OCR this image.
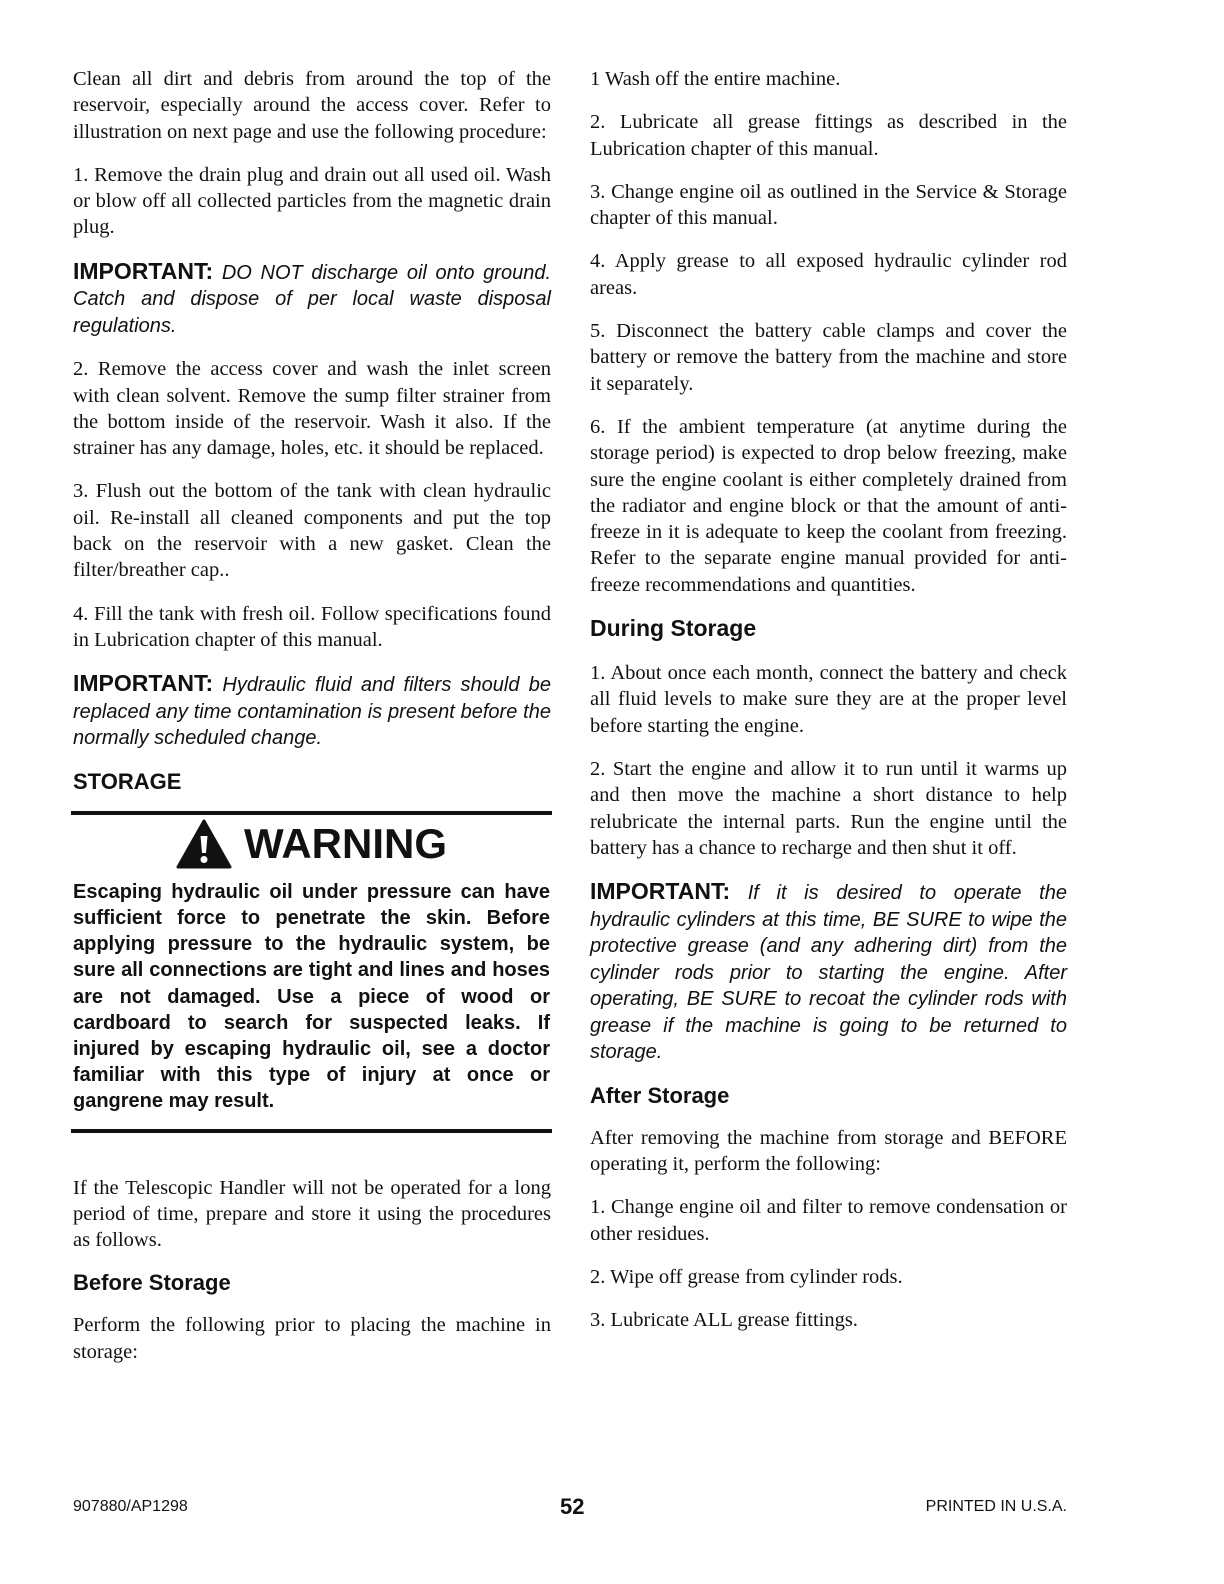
Clean all dirt and debris from around the top of the reservoir, especially around the access cover. Refer to illustration on next page and use the following procedure:

1. Remove the drain plug and drain out all used oil. Wash or blow off all collected particles from the magnetic drain plug.

IMPORTANT: DO NOT discharge oil onto ground. Catch and dispose of per local waste disposal regulations.

2. Remove the access cover and wash the inlet screen with clean solvent. Remove the sump filter strainer from the bottom inside of the reservoir. Wash it also. If the strainer has any damage, holes, etc. it should be replaced.

3. Flush out the bottom of the tank with clean hydraulic oil. Re-install all cleaned components and put the top back on the reservoir with a new gasket. Clean the filter/breather cap..

4. Fill the tank with fresh oil. Follow specifications found in Lubrication chapter of this manual.

IMPORTANT: Hydraulic fluid and filters should be replaced any time contamination is present before the normally scheduled change.

STORAGE
WARNING
Escaping hydraulic oil under pressure can have sufficient force to penetrate the skin. Before applying pressure to the hydraulic system, be sure all connections are tight and lines and hoses are not damaged. Use a piece of wood or cardboard to search for suspected leaks. If injured by escaping hydraulic oil, see a doctor familiar with this type of injury at once or gangrene may result.

If the Telescopic Handler will not be operated for a long period of time, prepare and store it using the procedures as follows.

Before Storage

Perform the following prior to placing the machine in storage:

1 Wash off the entire machine.

2. Lubricate all grease fittings as described in the Lubrication chapter of this manual.

3. Change engine oil as outlined in the Service & Storage chapter of this manual.

4. Apply grease to all exposed hydraulic cylinder rod areas.

5. Disconnect the battery cable clamps and cover the battery or remove the battery from the machine and store it separately.

6. If the ambient temperature (at anytime during the storage period) is expected to drop below freezing, make sure the engine coolant is either completely drained from the radiator and engine block or that the amount of anti-freeze in it is adequate to keep the coolant from freezing. Refer to the separate engine manual provided for anti-freeze recommendations and quantities.

During Storage

1. About once each month, connect the battery and check all fluid levels to make sure they are at the proper level before starting the engine.

2. Start the engine and allow it to run until it warms up and then move the machine a short distance to help relubricate the internal parts. Run the engine until the battery has a chance to recharge and then shut it off.

IMPORTANT: If it is desired to operate the hydraulic cylinders at this time, BE SURE to wipe the protective grease (and any adhering dirt) from the cylinder rods prior to starting the engine. After operating, BE SURE to recoat the cylinder rods with grease if the machine is going to be returned to storage.

After Storage

After removing the machine from storage and BEFORE operating it, perform the following:

1. Change engine oil and filter to remove condensation or other residues.

2. Wipe off grease from cylinder rods.

3. Lubricate ALL grease fittings.

907880/AP1298	52	PRINTED IN U.S.A.
